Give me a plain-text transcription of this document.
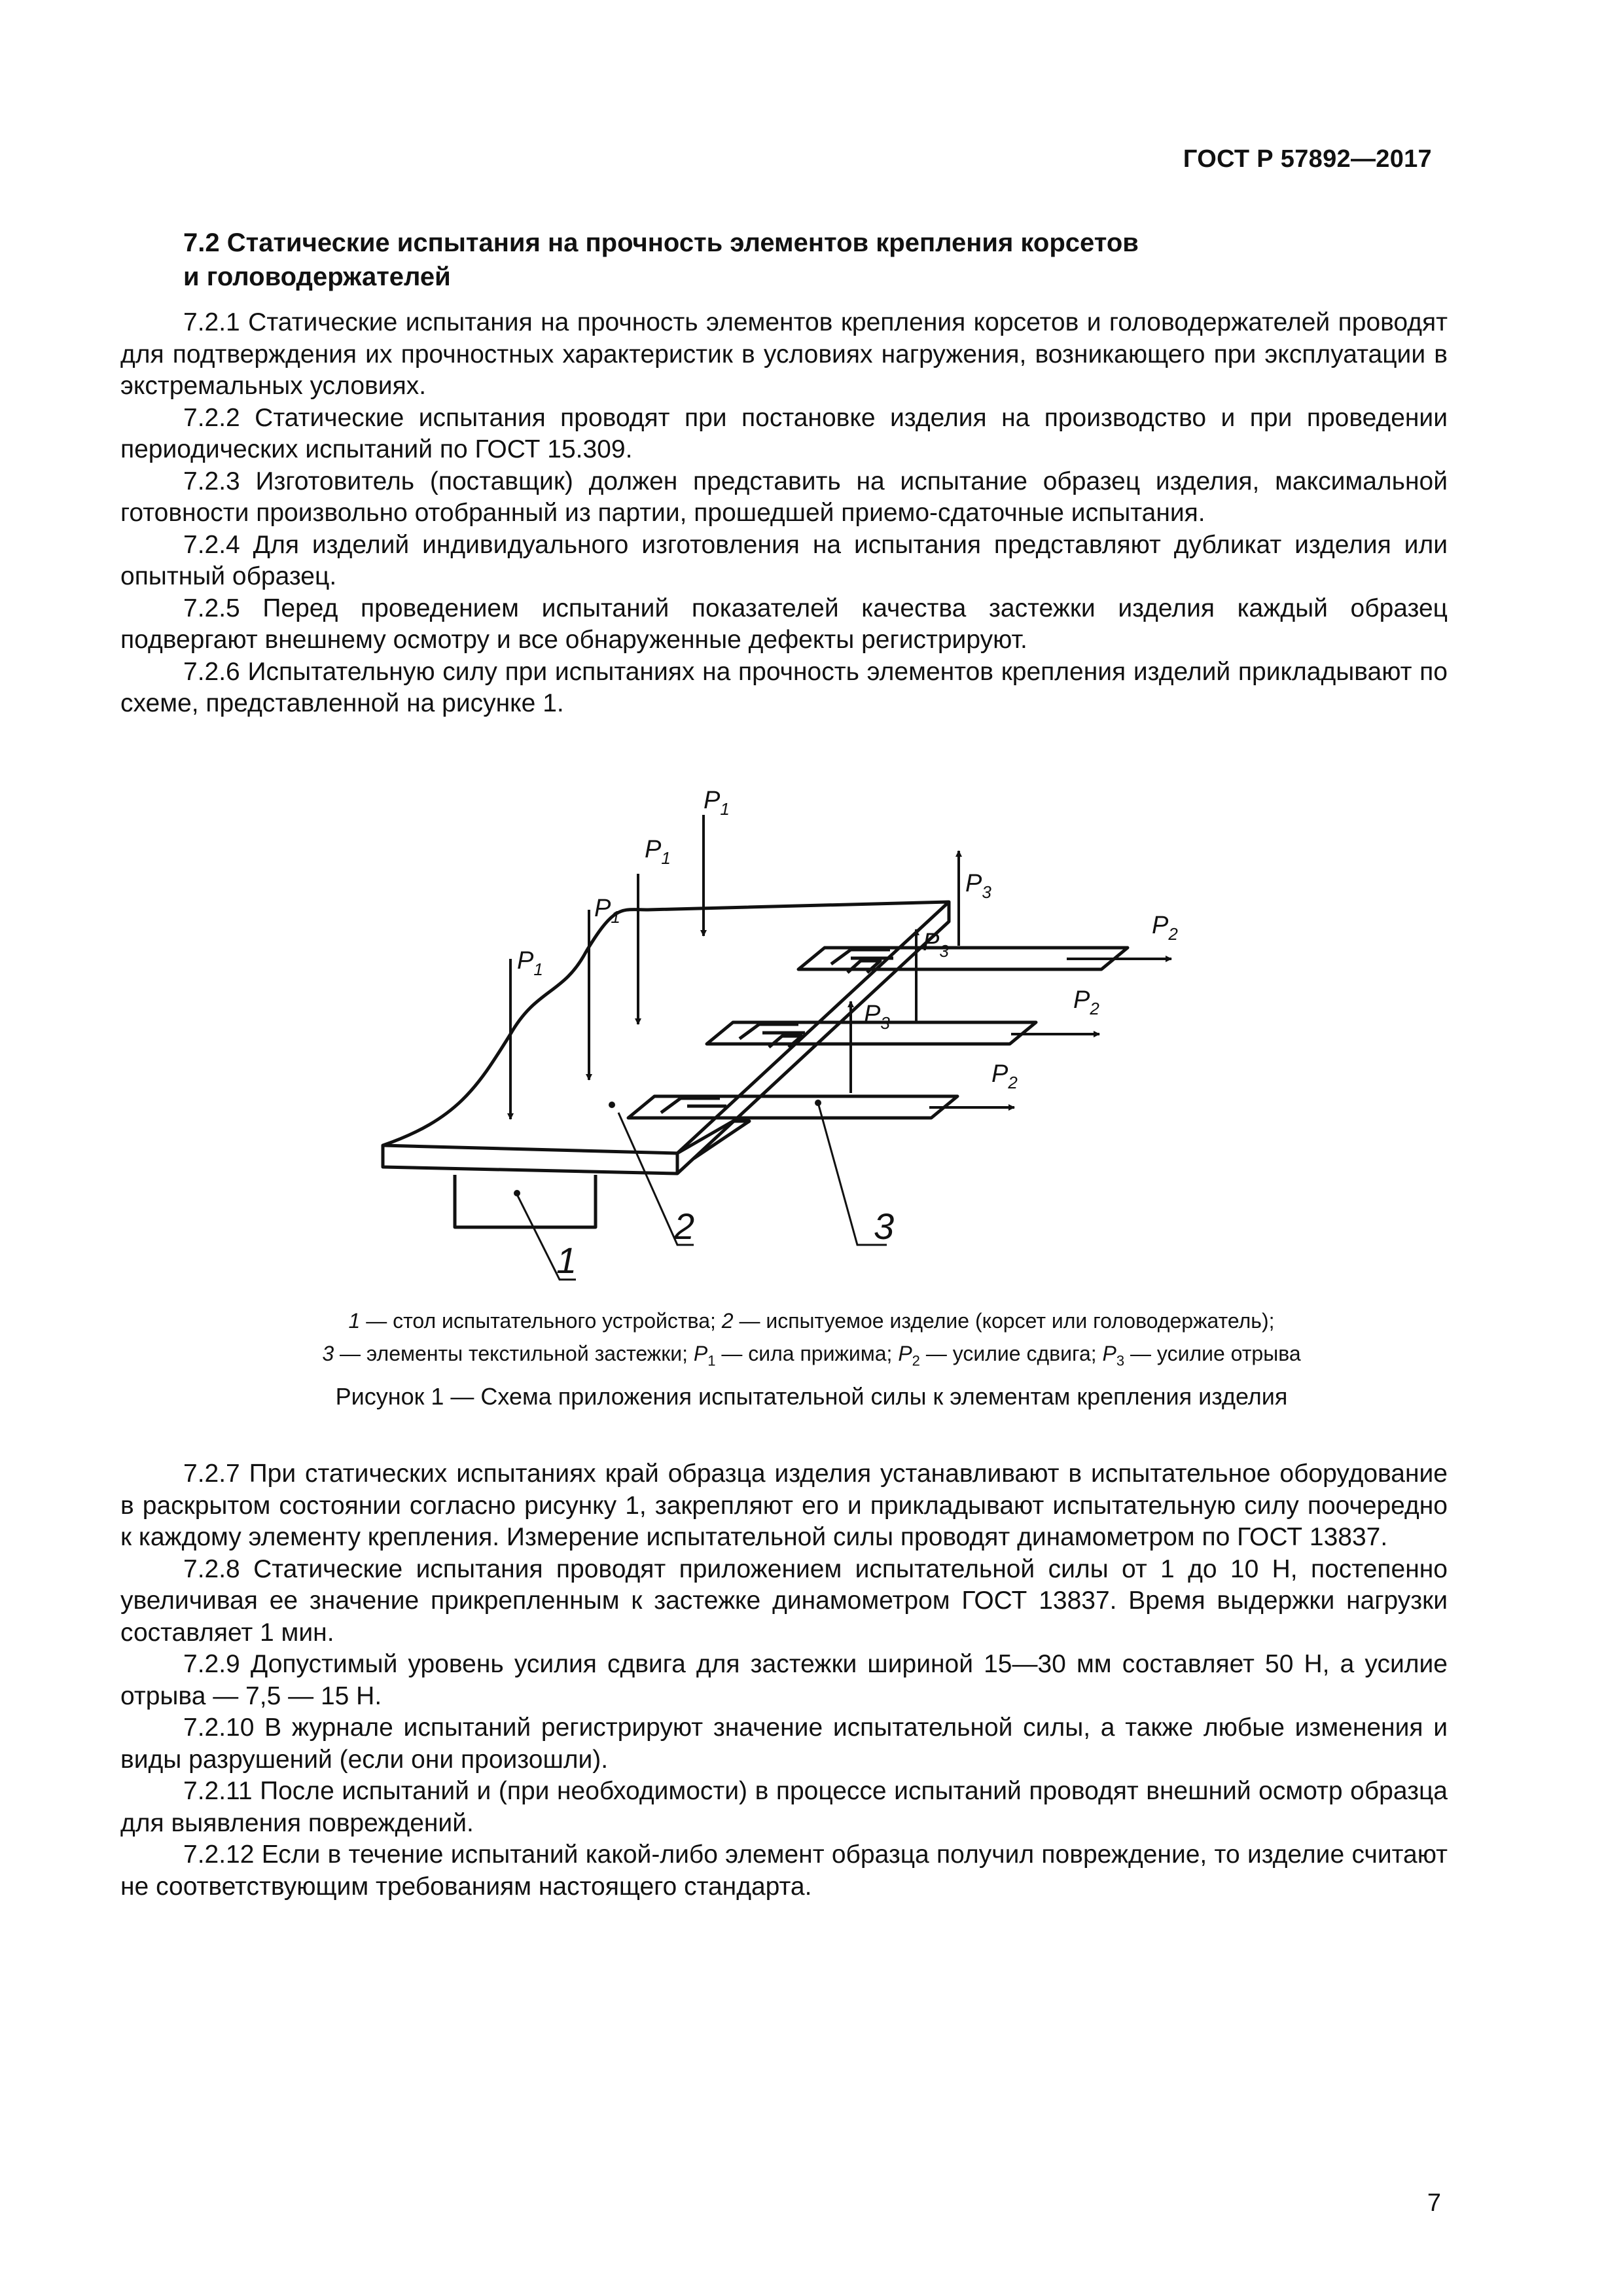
ГОСТ Р 57892—2017
7.2 Статические испытания на прочность элементов крепления корсетов
и головодержателей

7.2.1 Статические испытания на прочность элементов крепления корсетов и головодержателей проводят для подтверждения их прочностных характеристик в условиях нагружения, возникающего при эксплуатации в экстремальных условиях.

7.2.2 Статические испытания проводят при постановке изделия на производство и при проведении периодических испытаний по ГОСТ 15.309.

7.2.3 Изготовитель (поставщик) должен представить на испытание образец изделия, максимальной готовности произвольно отобранный из партии, прошедшей приемо-сдаточные испытания.

7.2.4 Для изделий индивидуального изготовления на испытания представляют дубликат изделия или опытный образец.

7.2.5 Перед проведением испытаний показателей качества застежки изделия каждый образец подвергают внешнему осмотру и все обнаруженные дефекты регистрируют.

7.2.6 Испытательную силу при испытаниях на прочность элементов крепления изделий прикладывают по схеме, представленной на рисунке 1.

$P_1$
$P_1$
$P_1$
$P_1$
$P_3$
$P_3$
$P_3$
$P_2$
$P_2$
$P_2$
1
2	3
1 — стол испытательного устройства; 2 — испытуемое изделие (корсет или головодержатель);
3 — элементы текстильной застежки; $P_1$ — сила прижима; $P_2$ — усилие сдвига; $P_3$ — усилие отрыва
Рисунок 1 — Схема приложения испытательной силы к элементам крепления изделия

7.2.7 При статических испытаниях край образца изделия устанавливают в испытательное оборудование в раскрытом состоянии согласно рисунку 1, закрепляют его и прикладывают испытательную силу поочередно к каждому элементу крепления. Измерение испытательной силы проводят динамометром по ГОСТ 13837.

7.2.8 Статические испытания проводят приложением испытательной силы от 1 до 10 Н, постепенно увеличивая ее значение прикрепленным к застежке динамометром ГОСТ 13837. Время выдержки нагрузки составляет 1 мин.

7.2.9 Допустимый уровень усилия сдвига для застежки шириной 15—30 мм составляет 50 Н, а усилие отрыва — 7,5 — 15 Н.

7.2.10 В журнале испытаний регистрируют значение испытательной силы, а также любые изменения и виды разрушений (если они произошли).

7.2.11 После испытаний и (при необходимости) в процессе испытаний проводят внешний осмотр образца для выявления повреждений.

7.2.12 Если в течение испытаний какой-либо элемент образца получил повреждение, то изделие считают не соответствующим требованиям настоящего стандарта.

7
